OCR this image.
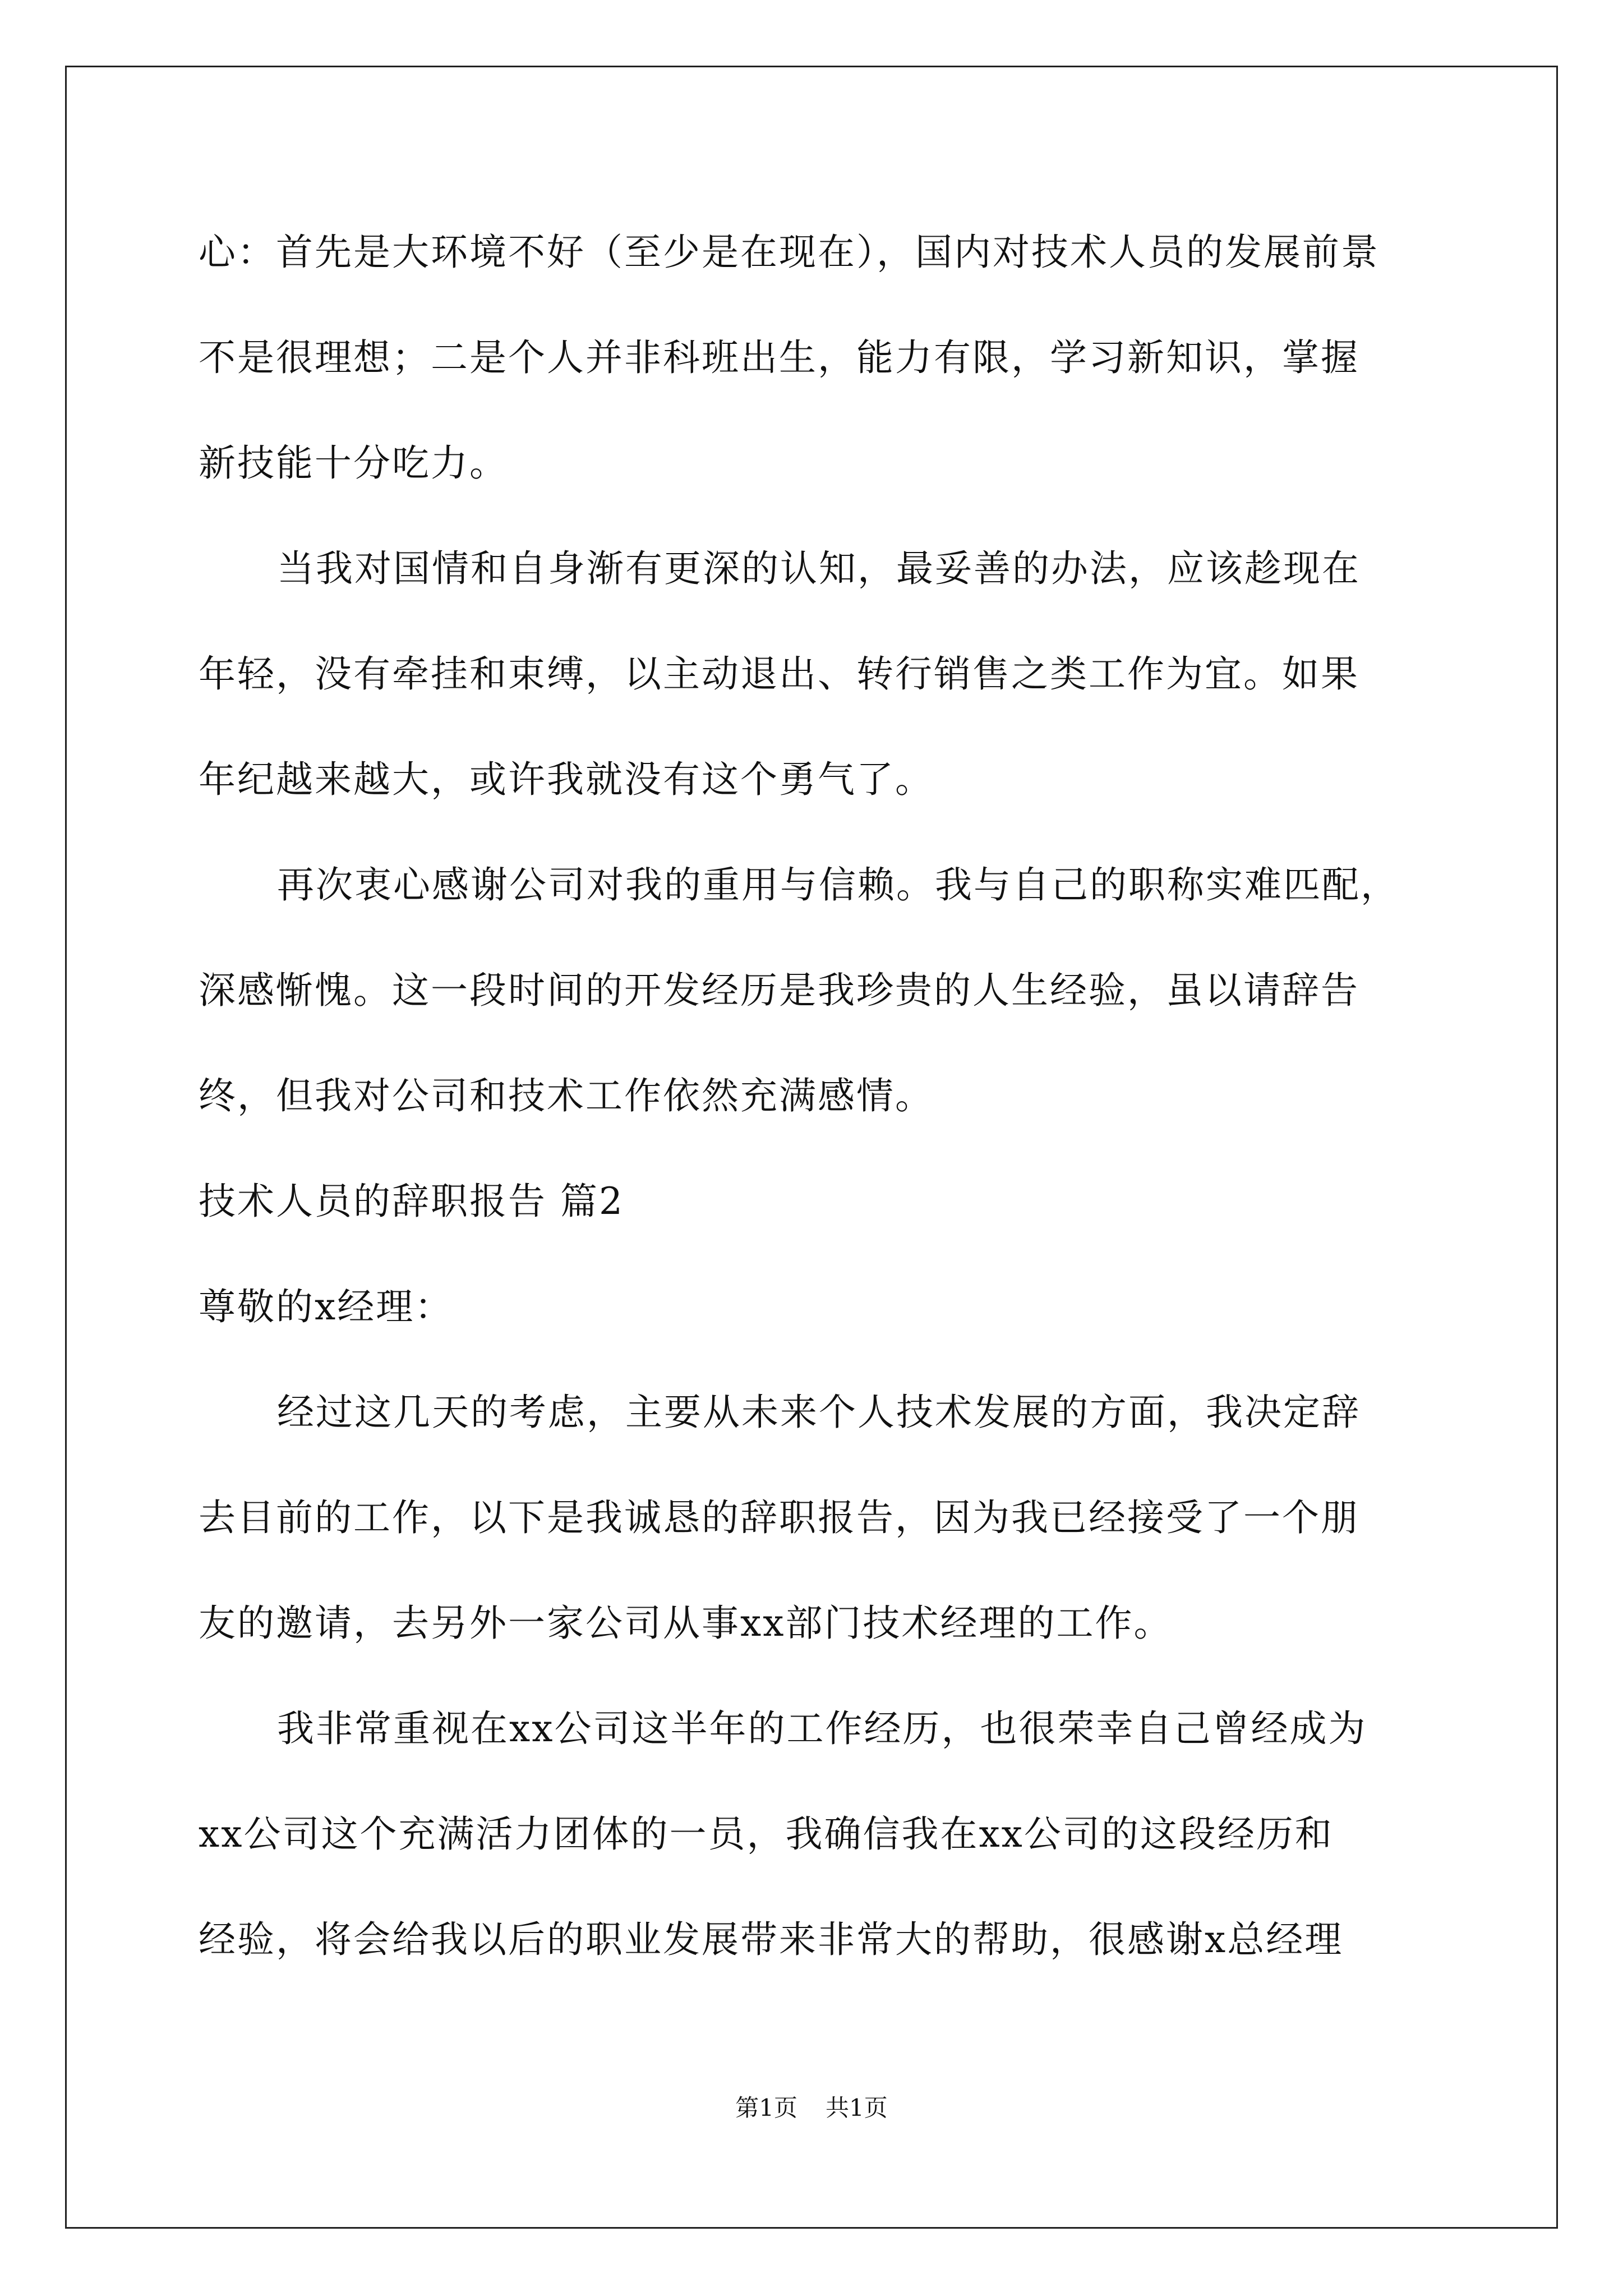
心：首先是大环境不好（至少是在现在），国内对技术人员的发展前景
不是很理想；二是个人并非科班出生，能力有限，学习新知识，掌握
新技能十分吃力。
当我对国情和自身渐有更深的认知，最妥善的办法，应该趁现在
年轻，没有牵挂和束缚，以主动退出、转行销售之类工作为宜。如果
年纪越来越大，或许我就没有这个勇气了。
再次衷心感谢公司对我的重用与信赖。我与自己的职称实难匹配，
深感惭愧。这一段时间的开发经历是我珍贵的人生经验，虽以请辞告
终，但我对公司和技术工作依然充满感情。
技术人员的辞职报告 篇2
尊敬的x经理：
经过这几天的考虑，主要从未来个人技术发展的方面，我决定辞
去目前的工作，以下是我诚恳的辞职报告，因为我已经接受了一个朋
友的邀请，去另外一家公司从事xx部门技术经理的工作。
我非常重视在xx公司这半年的工作经历，也很荣幸自己曾经成为
xx公司这个充满活力团体的一员，我确信我在xx公司的这段经历和
经验，将会给我以后的职业发展带来非常大的帮助，很感谢x总经理
第1页 共1页
